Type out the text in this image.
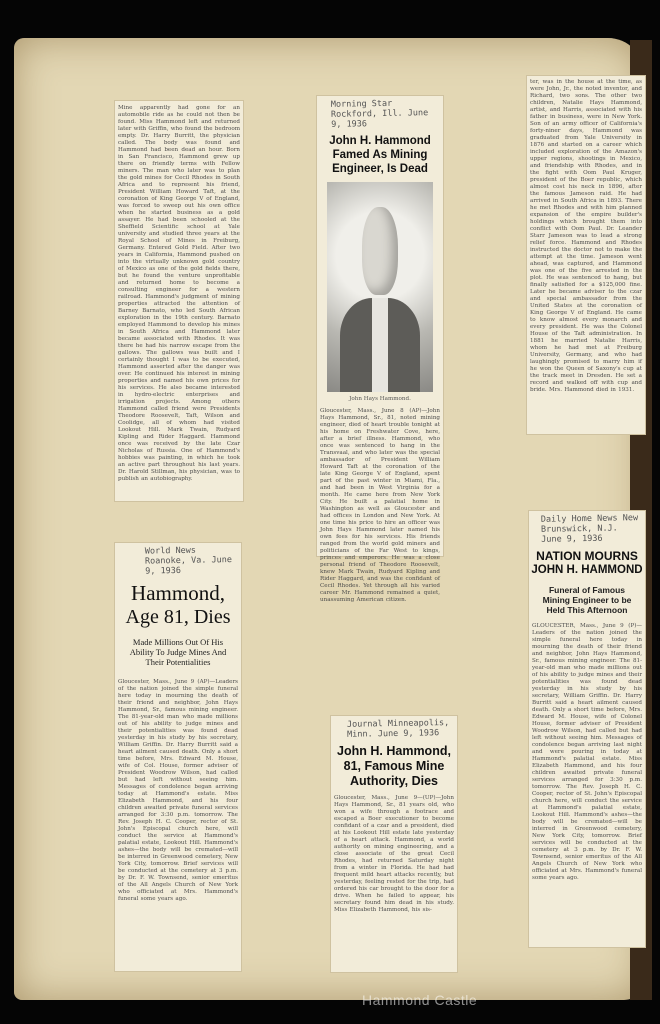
Mine apparently had gone for an automobile ride as he could not then be found. Miss Hammond left and returned later with Griffin, who found the bedroom empty. Dr. Harry Burritt, the physician called. The body was found and Hammond had been dead an hour. Born in San Francisco, Hammond grew up there on friendly terms with Fellow miners. The man who later was to plan the gold mines for Cecil Rhodes in South Africa and to represent his friend, President William Howard Taft, at the coronation of King George V of England, was forced to sweep out his own office when he started business as a gold assayer. He had been schooled at the Sheffield Scientific school at Yale university and studied three years at the Royal School of Mines in Freiburg, Germany. Entered Gold Field. After two years in California, Hammond pushed on into the virtually unknown gold country of Mexico as one of the gold fields there, but he found the venture unprofitable and returned home to become a consulting engineer for a western railroad. Hammond's judgment of mining properties attracted the attention of Barney Barnato, who led South African exploration in the 19th century. Barnato employed Hammond to develop his mines in South Africa and Hammond later became associated with Rhodes. It was there he had his narrow escape from the gallows. The gallows was built and I certainly thought I was to be executed, Hammond asserted after the danger was over. He continued his interest in mining properties and named his own prices for his services. He also became interested in hydro-electric enterprises and irrigation projects. Among others Hammond called friend were Presidents Theodore Roosevelt, Taft, Wilson and Coolidge, all of whom had visited Lookout Hill. Mark Twain, Rudyard Kipling and Rider Haggard. Hammond once was received by the late Czar Nicholas of Russia. One of Hammond's hobbies was painting, in which he took an active part throughout his last years. Dr. Harold Stillman, his physician, was to publish an autobiography.
World News Roanoke, Va. June 9, 1936
Hammond,
Age 81, Dies
Made Millions Out Of His Ability To Judge Mines And Their Potentialities
Gloucester, Mass., June 9 (AP)—Leaders of the nation joined the simple funeral here today in mourning the death of their friend and neighbor, John Hays Hammond, Sr., famous mining engineer. The 81-year-old man who made millions out of his ability to judge mines and their potentialities was found dead yesterday in his study by his secretary, William Griffin. Dr. Harry Burritt said a heart ailment caused death. Only a short time before, Mrs. Edward M. House, wife of Col. House, former adviser of President Woodrow Wilson, had called but had left without seeing him. Messages of condolence began arriving today at Hammond's estate. Miss Elizabeth Hammond, and his four children awaited private funeral services arranged for 3:30 p.m. tomorrow. The Rev. Joseph H. C. Cooper, rector of St. John's Episcopal church here, will conduct the service at Hammond's palatial estate, Lookout Hill. Hammond's ashes—the body will be cremated—will be interred in Greenwood cemetery, New York City, tomorrow. Brief services will be conducted at the cemetery at 3 p.m. by Dr. F. W. Townsend, senior emeritus of the All Angels Church of New York who officiated at Mrs. Hammond's funeral some years ago.
Morning Star Rockford, Ill. June 9, 1936
John H. Hammond Famed As Mining Engineer, Is Dead
John Hays Hammond.
Gloucester, Mass., June 8 (AP)—John Hays Hammond, Sr., 81, noted mining engineer, died of heart trouble tonight at his home on Freshwater Cove, here, after a brief illness. Hammond, who once was sentenced to hang in the Transvaal, and who later was the special ambassador of President William Howard Taft at the coronation of the late King George V of England, spent part of the past winter in Miami, Fla., and had been in West Virginia for a month. He came here from New York City. He built a palatial home in Washington as well as Gloucester and had offices in London and New York. At one time his price to hire an officer was John Hays Hammond later named his own fees for his services. His friends ranged from the world gold miners and politicians of the Far West to kings, princes and emperors. He was a close personal friend of Theodore Roosevelt, knew Mark Twain, Rudyard Kipling and Rider Haggard, and was the confidant of Cecil Rhodes. Yet through all his varied career Mr. Hammond remained a quiet, unassuming American citizen.
Journal Minneapolis, Minn. June 9, 1936
John H. Hammond, 81, Famous Mine Authority, Dies
Gloucester, Mass., June 9—(UP)—John Hays Hammond, Sr., 81 years old, who won a wife through a footrace and escaped a Boer executioner to become confidant of a czar and a president, died at his Lookout Hill estate late yesterday of a heart attack. Hammond, a world authority on mining engineering, and a close associate of the great Cecil Rhodes, had returned Saturday night from a winter in Florida. He had had frequent mild heart attacks recently, but yesterday, feeling rested for the trip, had ordered his car brought to the door for a drive. When he failed to appear, his secretary found him dead in his study. Miss Elizabeth Hammond, his sis-
ter, was in the house at the time, as were John, Jr., the noted inventor, and Richard, two sons. The other two children, Natalie Hays Hammond, artist, and Harris, associated with his father in business, were in New York. Son of an army officer of California's forty-niner days, Hammond was graduated from Yale University in 1876 and started on a career which included exploration of the Amazon's upper regions, shootings in Mexico, and friendship with Rhodes, and in the fight with Oom Paul Kruger, president of the Boer republic, which almost cost his neck in 1896, after the famous Jameson raid. He had arrived in South Africa in 1893. There he met Rhodes and with him planned expansion of the empire builder's holdings which brought them into conflict with Oom Paul. Dr. Leander Starr Jameson was to lead a strong relief force. Hammond and Rhodes instructed the doctor not to make the attempt at the time. Jameson went ahead, was captured, and Hammond was one of the five arrested in the plot. He was sentenced to hang, but finally satisfied for a $125,000 fine. Later he became adviser to the czar and special ambassador from the United States at the coronation of King George V of England. He came to know almost every monarch and every president. He was the Colonel House of the Taft administration. In 1881 he married Natalie Harris, whom he had met at Freiburg University, Germany, and who had laughingly promised to marry him if he won the Queen of Saxony's cup at the track meet in Dresden. He set a record and walked off with cup and bride. Mrs. Hammond died in 1931.
Daily Home News New Brunswick, N.J. June 9, 1936
NATION MOURNS
JOHN H. HAMMOND
Funeral of Famous Mining Engineer to be Held This Afternoon
GLOUCESTER, Mass., June 9 (P)—Leaders of the nation joined the simple funeral here today in mourning the death of their friend and neighbor, John Hays Hammond, Sr., famous mining engineer. The 81-year-old man who made millions out of his ability to judge mines and their potentialities was found dead yesterday in his study by his secretary, William Griffin. Dr. Harry Burritt said a heart ailment caused death. Only a short time before, Mrs. Edward M. House, wife of Colonel House, former adviser of President Woodrow Wilson, had called but had left without seeing him. Messages of condolence began arriving last night and were pouring in today at Hammond's palatial estate. Miss Elizabeth Hammond, and his four children awaited private funeral services arranged for 3:30 p.m. tomorrow. The Rev. Joseph H. C. Cooper, rector of St. John's Episcopal church here, will conduct the service at Hammond's palatial estate, Lookout Hill. Hammond's ashes—the body will be cremated—will be interred in Greenwood cemetery, New York City, tomorrow. Brief services will be conducted at the cemetery at 3 p.m. by Dr. F. W. Townsend, senior emeritus of the All Angels Church of New York who officiated at Mrs. Hammond's funeral some years ago.
Hammond Castle
